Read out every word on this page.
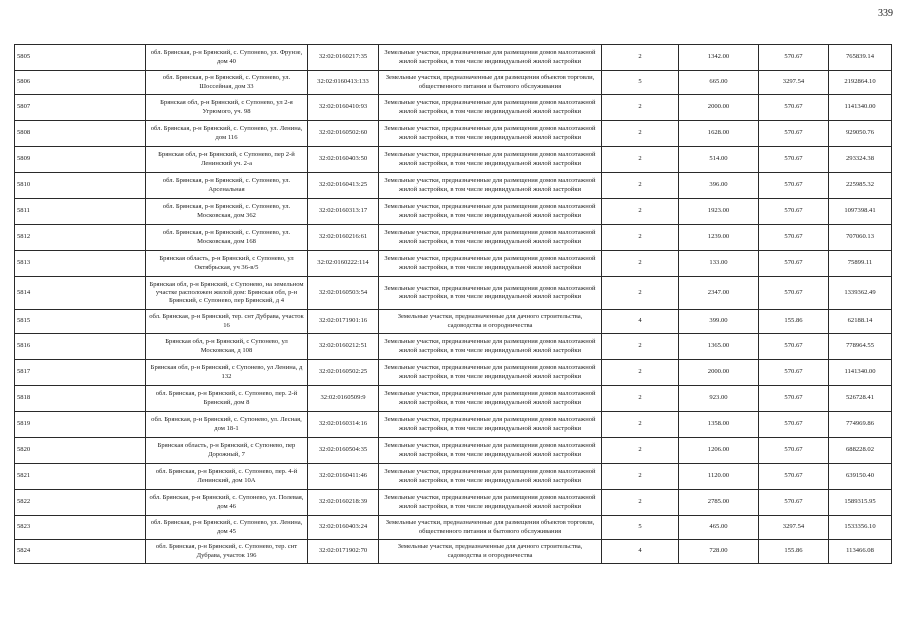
339
5805	обл. Брянская, р-н Брянский, с. Супонево, ул. Фрунзе, дом 40	32:02:0160217:35	Земельные участки, предназначенные для размещения домов малоэтажной жилой застройки, в том числе индивидуальной жилой застройки	2	1342.00	570.67	765839.14
5806	обл. Брянская, р-н Брянский, с. Супонево, ул. Шоссейная, дом 33	32:02:0160413:133	Земельные участки, предназначенные для размещения объектов торговли, общественного питания и бытового обслуживания	5	665.00	3297.54	2192864.10
5807	Брянская обл, р-н Брянский, с Супонево, ул 2-я Угрюмого, уч. 98	32:02:0160410:93	Земельные участки, предназначенные для размещения домов малоэтажной жилой застройки, в том числе индивидуальной жилой застройки	2	2000.00	570.67	1141340.00
5808	обл. Брянская, р-н Брянский, с. Супонево, ул. Ленина, дом 116	32:02:0160502:60	Земельные участки, предназначенные для размещения домов малоэтажной жилой застройки, в том числе индивидуальной жилой застройки	2	1628.00	570.67	929050.76
5809	Брянская обл, р-н Брянский, с Супонево, пер 2-й Ленинский уч. 2-а	32:02:0160403:50	Земельные участки, предназначенные для размещения домов малоэтажной жилой застройки, в том числе индивидуальной жилой застройки	2	514.00	570.67	293324.38
5810	обл. Брянская, р-н Брянский, с. Супонево, ул. Арсенальная	32:02:0160413:25	Земельные участки, предназначенные для размещения домов малоэтажной жилой застройки, в том числе индивидуальной жилой застройки	2	396.00	570.67	225985.32
5811	обл. Брянская, р-н Брянский, с. Супонево, ул. Московская, дом 362	32:02:0160313:17	Земельные участки, предназначенные для размещения домов малоэтажной жилой застройки, в том числе индивидуальной жилой застройки	2	1923.00	570.67	1097398.41
5812	обл. Брянская, р-н Брянский, с. Супонево, ул. Московская, дом 168	32:02:0160216:61	Земельные участки, предназначенные для размещения домов малоэтажной жилой застройки, в том числе индивидуальной жилой застройки	2	1239.00	570.67	707060.13
5813	Брянская область, р-н Брянский, с Супонево, ул Октябрьская, уч 36-в/5	32:02:0160222:114	Земельные участки, предназначенные для размещения домов малоэтажной жилой застройки, в том числе индивидуальной жилой застройки	2	133.00	570.67	75899.11
5814	Брянская обл, р-н Брянский, с Супонево, на земельном участке расположен жилой дом: Брянская обл, р-н Брянский, с Супонево, пер Брянский, д 4	32:02:0160503:54	Земельные участки, предназначенные для размещения домов малоэтажной жилой застройки, в том числе индивидуальной жилой застройки	2	2347.00	570.67	1339362.49
5815	обл. Брянская, р-н Брянский, тер. снт Дубрава, участок 16	32:02:0171901:16	Земельные участки, предназначенные для дачного строительства, садоводства и огородничества	4	399.00	155.86	62188.14
5816	Брянская обл, р-н Брянский, с Супонево, ул Московская, д 108	32:02:0160212:51	Земельные участки, предназначенные для размещения домов малоэтажной жилой застройки, в том числе индивидуальной жилой застройки	2	1365.00	570.67	778964.55
5817	Брянская обл, р-н Брянский, с Супонево, ул Ленина, д 132	32:02:0160502:25	Земельные участки, предназначенные для размещения домов малоэтажной жилой застройки, в том числе индивидуальной жилой застройки	2	2000.00	570.67	1141340.00
5818	обл. Брянская, р-н Брянский, с. Супонево, пер. 2-й Брянский, дом 8	32:02:0160509:9	Земельные участки, предназначенные для размещения домов малоэтажной жилой застройки, в том числе индивидуальной жилой застройки	2	923.00	570.67	526728.41
5819	обл. Брянская, р-н Брянский, с. Супонево, ул. Лесная, дом 18-1	32:02:0160314:16	Земельные участки, предназначенные для размещения домов малоэтажной жилой застройки, в том числе индивидуальной жилой застройки	2	1358.00	570.67	774969.86
5820	Брянская область, р-н Брянский, с Супонево, пер Дорожный, 7	32:02:0160504:35	Земельные участки, предназначенные для размещения домов малоэтажной жилой застройки, в том числе индивидуальной жилой застройки	2	1206.00	570.67	688228.02
5821	обл. Брянская, р-н Брянский, с. Супонево, пер. 4-й Ленинский, дом 10А	32:02:0160411:46	Земельные участки, предназначенные для размещения домов малоэтажной жилой застройки, в том числе индивидуальной жилой застройки	2	1120.00	570.67	639150.40
5822	обл. Брянская, р-н Брянский, с. Супонево, ул. Полевая, дом 46	32:02:0160218:39	Земельные участки, предназначенные для размещения домов малоэтажной жилой застройки, в том числе индивидуальной жилой застройки	2	2785.00	570.67	1589315.95
5823	обл. Брянская, р-н Брянский, с. Супонево, ул. Ленина, дом 45	32:02:0160403:24	Земельные участки, предназначенные для размещения объектов торговли, общественного питания и бытового обслуживания	5	465.00	3297.54	1533356.10
5824	обл. Брянская, р-н Брянский, с. Супонево, тер. снт Дубрава, участок 196	32:02:0171902:70	Земельные участки, предназначенные для дачного строительства, садоводства и огородничества	4	728.00	155.86	113466.08
